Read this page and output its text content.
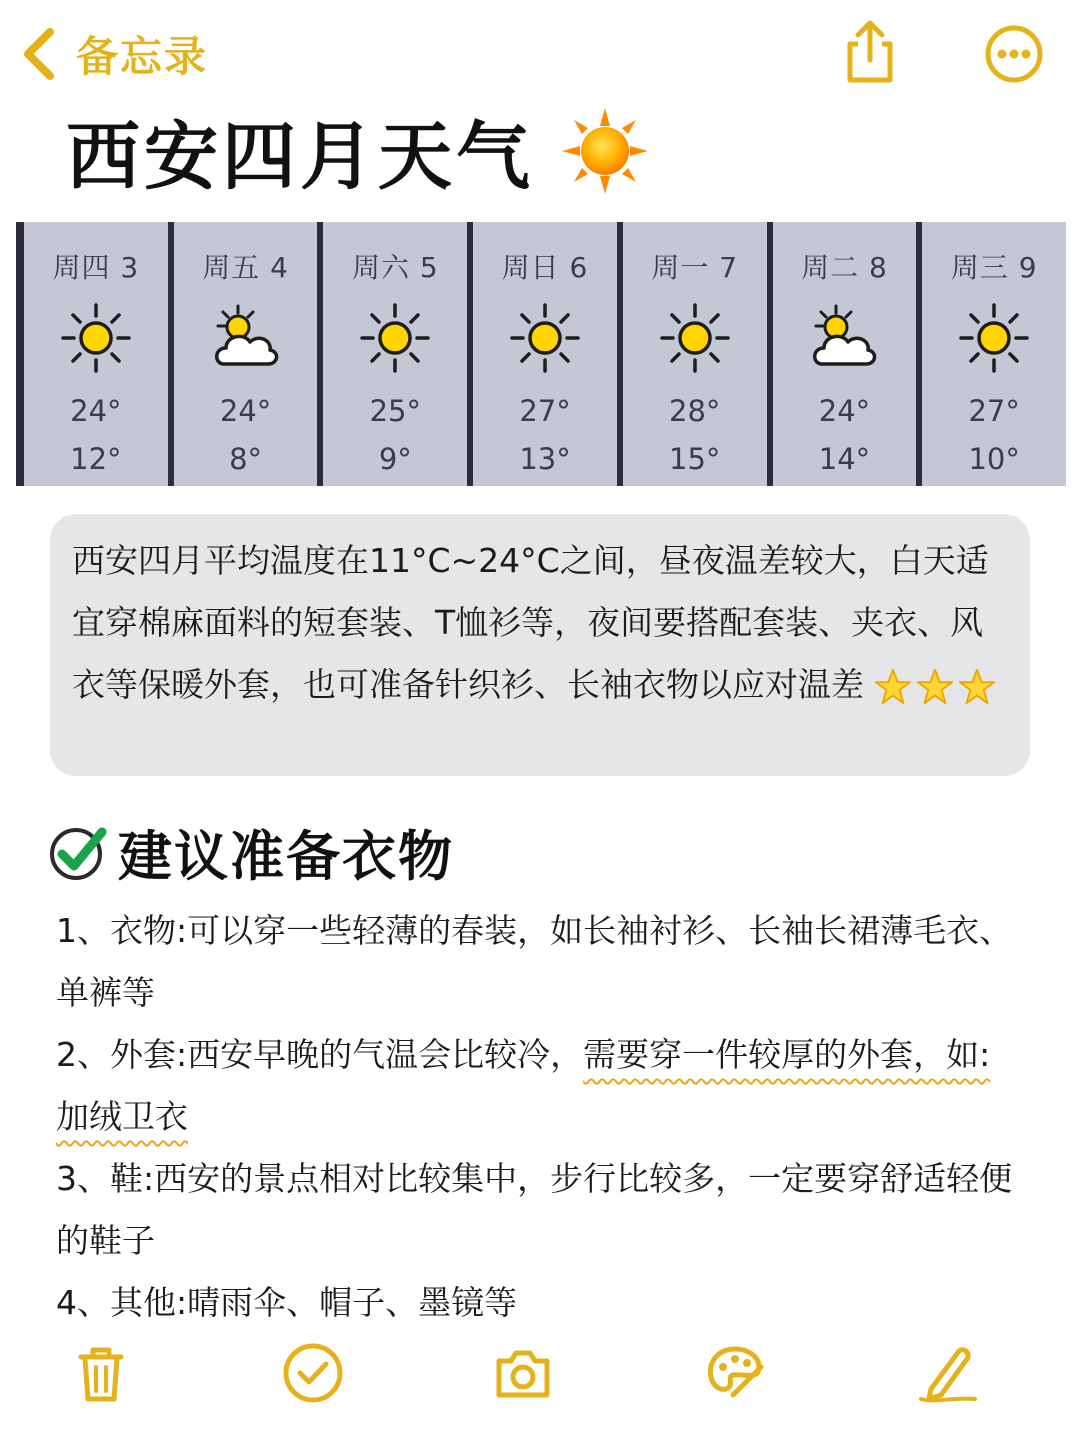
备忘录
西安四月天气
周四 3
24°
12°
周五 4
24°
8°
周六 5
25°
9°
周日 6
27°
13°
周一 7
28°
15°
周二 8
24°
14°
周三 9
27°
10°
西安四月平均温度在11°C~24°C之间，昼夜温差较大，白天适宜穿棉麻面料的短套装、T恤衫等，夜间要搭配套装、夹衣、风衣等保暖外套，也可准备针织衫、长袖衣物以应对温差
建议准备衣物

1、衣物:可以穿一些轻薄的春装，如长袖衬衫、长袖长裙薄毛衣、单裤等

2、外套:西安早晚的气温会比较冷，需要穿一件较厚的外套，如:加绒卫衣

3、鞋:西安的景点相对比较集中，步行比较多，一定要穿舒适轻便的鞋子

4、其他:晴雨伞、帽子、墨镜等
